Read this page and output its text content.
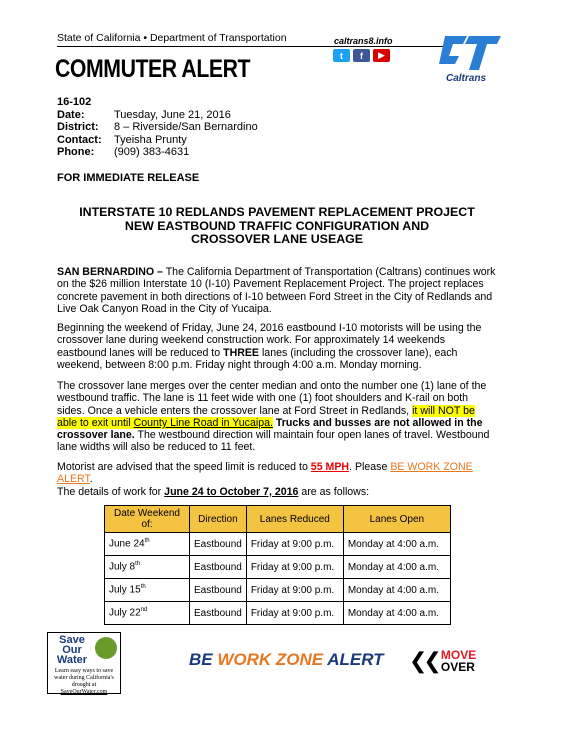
State of California • Department of Transportation
COMMUTER ALERT
caltrans8.info
t	f	▶
Caltrans
16-102
Date:	Tuesday, June 21, 2016
District:	8 – Riverside/San Bernardino
Contact:	Tyeisha Prunty
Phone:	(909) 383-4631
FOR IMMEDIATE RELEASE
INTERSTATE 10 REDLANDS PAVEMENT REPLACEMENT PROJECT
NEW EASTBOUND TRAFFIC CONFIGURATION AND
CROSSOVER LANE USEAGE
SAN BERNARDINO – The California Department of Transportation (Caltrans) continues work on the $26 million Interstate 10 (I-10) Pavement Replacement Project. The project replaces concrete pavement in both directions of I-10 between Ford Street in the City of Redlands and Live Oak Canyon Road in the City of Yucaipa.
Beginning the weekend of Friday, June 24, 2016 eastbound I-10 motorists will be using the crossover lane during weekend construction work. For approximately 14 weekends eastbound lanes will be reduced to THREE lanes (including the crossover lane), each weekend, between 8:00 p.m. Friday night through 4:00 a.m. Monday morning.
The crossover lane merges over the center median and onto the number one (1) lane of the westbound traffic. The lane is 11 feet wide with one (1) foot shoulders and K-rail on both sides. Once a vehicle enters the crossover lane at Ford Street in Redlands, it will NOT be able to exit until County Line Road in Yucaipa. Trucks and busses are not allowed in the crossover lane. The westbound direction will maintain four open lanes of travel. Westbound lane widths will also be reduced to 11 feet.
Motorist are advised that the speed limit is reduced to 55 MPH. Please BE WORK ZONE ALERT.
The details of work for June 24 to October 7, 2016 are as follows:
Date Weekend of:	Direction	Lanes Reduced	Lanes Open
June 24th	Eastbound	Friday at 9:00 p.m.	Monday at 4:00 a.m.
July 8th	Eastbound	Friday at 9:00 p.m.	Monday at 4:00 a.m.
July 15th	Eastbound	Friday at 9:00 p.m.	Monday at 4:00 a.m.
July 22nd	Eastbound	Friday at 9:00 p.m.	Monday at 4:00 a.m.
Save Our Water
Learn easy ways to save water during California's drought at
SaveOurWater.com
BE WORK ZONE ALERT ❮❮ MOVE
OVER
